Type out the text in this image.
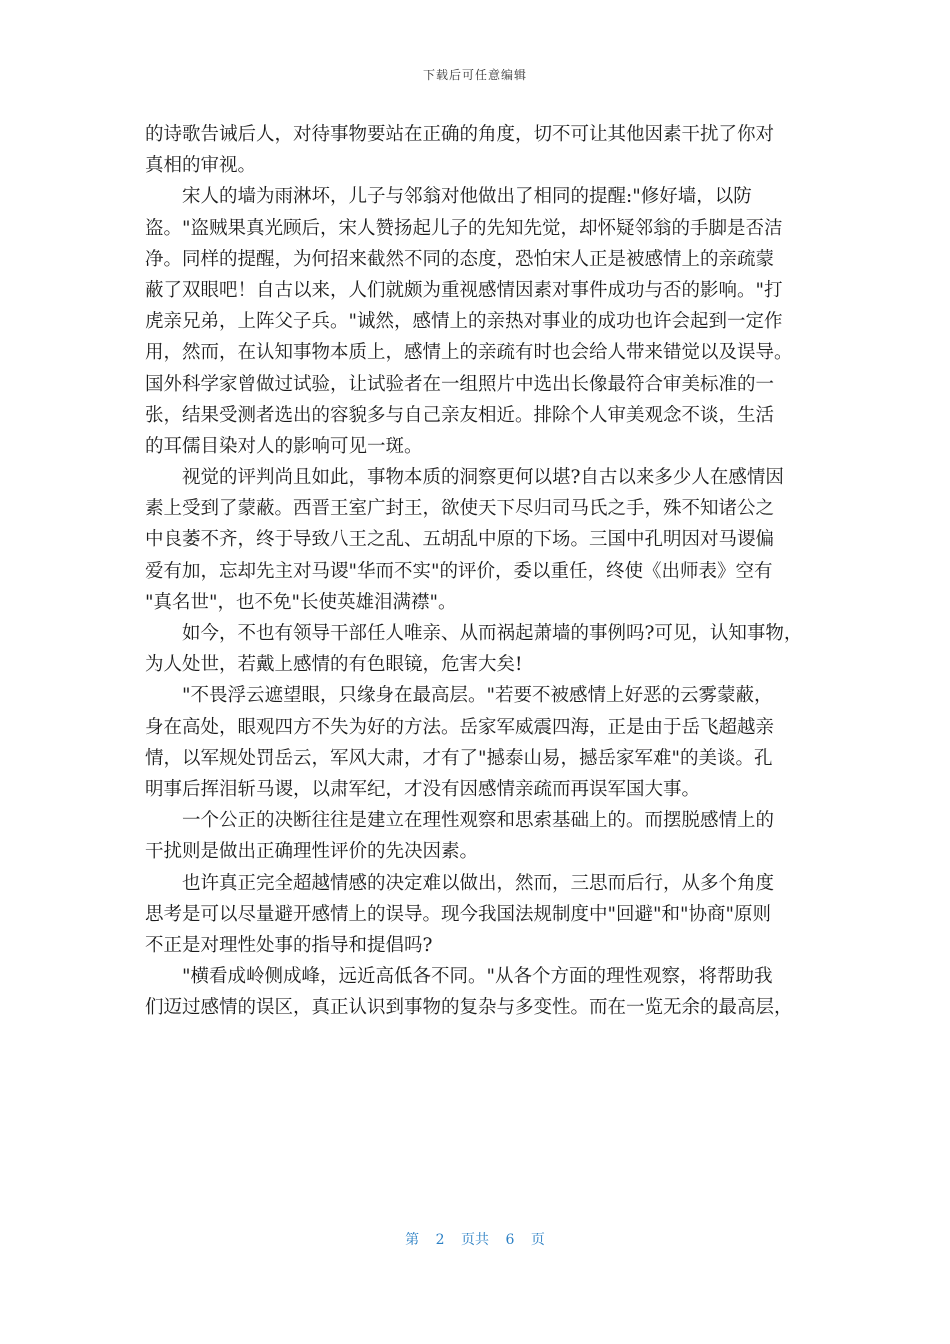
下载后可任意编辑
的诗歌告诫后人，对待事物要站在正确的角度，切不可让其他因素干扰了你对
真相的审视。
宋人的墙为雨淋坏，儿子与邻翁对他做出了相同的提醒:"修好墙，以防
盗。"盗贼果真光顾后，宋人赞扬起儿子的先知先觉，却怀疑邻翁的手脚是否洁
净。同样的提醒，为何招来截然不同的态度，恐怕宋人正是被感情上的亲疏蒙
蔽了双眼吧！自古以来，人们就颇为重视感情因素对事件成功与否的影响。"打
虎亲兄弟，上阵父子兵。"诚然，感情上的亲热对事业的成功也许会起到一定作
用，然而，在认知事物本质上，感情上的亲疏有时也会给人带来错觉以及误导。
国外科学家曾做过试验，让试验者在一组照片中选出长像最符合审美标准的一
张，结果受测者选出的容貌多与自己亲友相近。排除个人审美观念不谈，生活
的耳儒目染对人的影响可见一斑。
视觉的评判尚且如此，事物本质的洞察更何以堪?自古以来多少人在感情因
素上受到了蒙蔽。西晋王室广封王，欲使天下尽归司马氏之手，殊不知诸公之
中良萎不齐，终于导致八王之乱、五胡乱中原的下场。三国中孔明因对马谡偏
爱有加，忘却先主对马谡"华而不实"的评价，委以重任，终使《出师表》空有
"真名世"，也不免"长使英雄泪满襟"。
如今，不也有领导干部任人唯亲、从而祸起萧墙的事例吗?可见，认知事物，
为人处世，若戴上感情的有色眼镜，危害大矣!
"不畏浮云遮望眼，只缘身在最高层。"若要不被感情上好恶的云雾蒙蔽，
身在高处，眼观四方不失为好的方法。岳家军威震四海，正是由于岳飞超越亲
情，以军规处罚岳云，军风大肃，才有了"撼泰山易，撼岳家军难"的美谈。孔
明事后挥泪斩马谡，以肃军纪，才没有因感情亲疏而再误军国大事。
一个公正的决断往往是建立在理性观察和思索基础上的。而摆脱感情上的
干扰则是做出正确理性评价的先决因素。
也许真正完全超越情感的决定难以做出，然而，三思而后行，从多个角度
思考是可以尽量避开感情上的误导。现今我国法规制度中"回避"和"协商"原则
不正是对理性处事的指导和提倡吗?
"横看成岭侧成峰，远近高低各不同。"从各个方面的理性观察，将帮助我
们迈过感情的误区，真正认识到事物的复杂与多变性。而在一览无余的最高层，
第 2 页共 6 页
